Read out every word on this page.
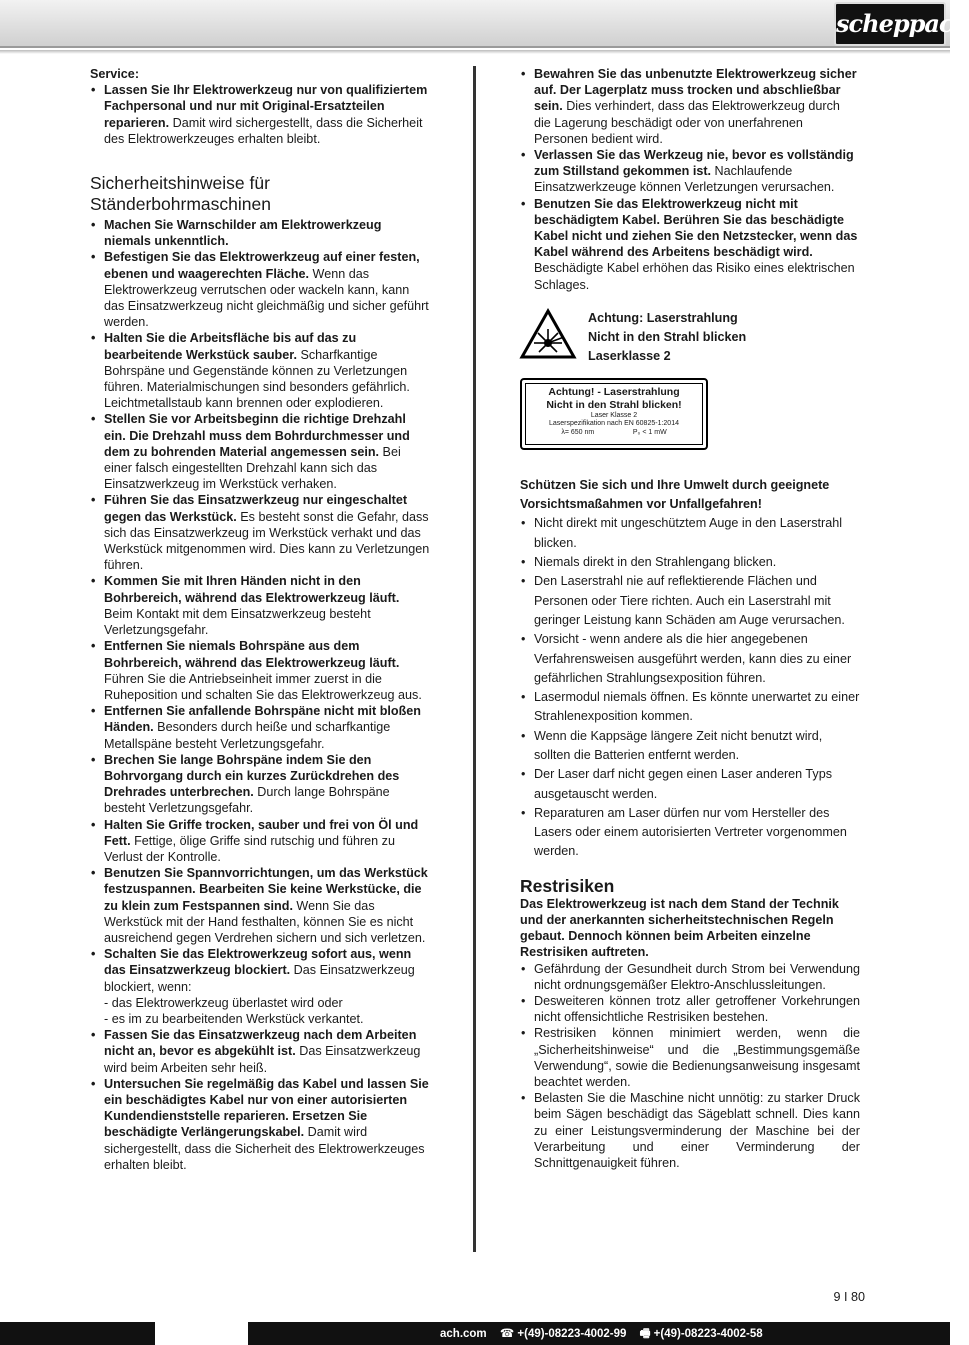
scheppach
Service:
• Lassen Sie Ihr Elektrowerkzeug nur von qualifiziertem Fachpersonal und nur mit Original-Ersatzteilen reparieren. Damit wird sichergestellt, dass die Sicherheit des Elektrowerkzeuges erhalten bleibt.
Sicherheitshinweise für Ständerbohrmaschinen
• Machen Sie Warnschilder am Elektrowerkzeug niemals unkenntlich.
• Befestigen Sie das Elektrowerkzeug auf einer festen, ebenen und waagerechten Fläche. Wenn das Elektrowerkzeug verrutschen oder wackeln kann, kann das Einsatzwerkzeug nicht gleichmäßig und sicher geführt werden.
• Halten Sie die Arbeitsfläche bis auf das zu bearbeitende Werkstück sauber. Scharfkantige Bohrspäne und Gegenstände können zu Verletzungen führen. Materialmischungen sind besonders gefährlich. Leichtmetallstaub kann brennen oder explodieren.
• Stellen Sie vor Arbeitsbeginn die richtige Drehzahl ein. Die Drehzahl muss dem Bohrdurchmesser und dem zu bohrenden Material angemessen sein. Bei einer falsch eingestellten Drehzahl kann sich das Einsatzwerkzeug im Werkstück verhaken.
• Führen Sie das Einsatzwerkzeug nur eingeschaltet gegen das Werkstück. Es besteht sonst die Gefahr, dass sich das Einsatzwerkzeug im Werkstück verhakt und das Werkstück mitgenommen wird. Dies kann zu Verletzungen führen.
• Kommen Sie mit Ihren Händen nicht in den Bohrbereich, während das Elektrowerkzeug läuft. Beim Kontakt mit dem Einsatzwerkzeug besteht Verletzungsgefahr.
• Entfernen Sie niemals Bohrspäne aus dem Bohrbereich, während das Elektrowerkzeug läuft. Führen Sie die Antriebseinheit immer zuerst in die Ruheposition und schalten Sie das Elektrowerkzeug aus.
• Entfernen Sie anfallende Bohrspäne nicht mit bloßen Händen. Besonders durch heiße und scharfkantige Metallspäne besteht Verletzungsgefahr.
• Brechen Sie lange Bohrspäne indem Sie den Bohrvorgang durch ein kurzes Zurückdrehen des Drehrades unterbrechen. Durch lange Bohrspäne besteht Verletzungsgefahr.
• Halten Sie Griffe trocken, sauber und frei von Öl und Fett. Fettige, ölige Griffe sind rutschig und führen zu Verlust der Kontrolle.
• Benutzen Sie Spannvorrichtungen, um das Werkstück festzuspannen. Bearbeiten Sie keine Werkstücke, die zu klein zum Festspannen sind. Wenn Sie das Werkstück mit der Hand festhalten, können Sie es nicht ausreichend gegen Verdrehen sichern und sich verletzen.
• Schalten Sie das Elektrowerkzeug sofort aus, wenn das Einsatzwerkzeug blockiert. Das Einsatzwerkzeug blockiert, wenn:
- das Elektrowerkzeug überlastet wird oder
- es im zu bearbeitenden Werkstück verkantet.
• Fassen Sie das Einsatzwerkzeug nach dem Arbeiten nicht an, bevor es abgekühlt ist. Das Einsatzwerkzeug wird beim Arbeiten sehr heiß.
• Untersuchen Sie regelmäßig das Kabel und lassen Sie ein beschädigtes Kabel nur von einer autorisierten Kundendienststelle reparieren. Ersetzen Sie beschädigte Verlängerungskabel. Damit wird sichergestellt, dass die Sicherheit des Elektrowerkzeuges erhalten bleibt.
• Bewahren Sie das unbenutzte Elektrowerkzeug sicher auf. Der Lagerplatz muss trocken und abschließbar sein. Dies verhindert, dass das Elektrowerkzeug durch die Lagerung beschädigt oder von unerfahrenen Personen bedient wird.
• Verlassen Sie das Werkzeug nie, bevor es vollständig zum Stillstand gekommen ist. Nachlaufende Einsatzwerkzeuge können Verletzungen verursachen.
• Benutzen Sie das Elektrowerkzeug nicht mit beschädigtem Kabel. Berühren Sie das beschädigte Kabel nicht und ziehen Sie den Netzstecker, wenn das Kabel während des Arbeitens beschädigt wird. Beschädigte Kabel erhöhen das Risiko eines elektrischen Schlages.
Achtung: Laserstrahlung
Nicht in den Strahl blicken
Laserklasse 2
Achtung! - Laserstrahlung
Nicht in den Strahl blicken!
Laser Klasse 2
Laserspezifikation nach EN 60825-1:2014
λ= 650 nm	P₀ < 1 mW
Schützen Sie sich und Ihre Umwelt durch geeignete Vorsichtsmaßahmen vor Unfallgefahren!
• Nicht direkt mit ungeschütztem Auge in den Laserstrahl blicken.
• Niemals direkt in den Strahlengang blicken.
• Den Laserstrahl nie auf reflektierende Flächen und Personen oder Tiere richten. Auch ein Laserstrahl mit geringer Leistung kann Schäden am Auge verursachen.
• Vorsicht - wenn andere als die hier angegebenen Verfahrensweisen ausgeführt werden, kann dies zu einer gefährlichen Strahlungsexposition führen.
• Lasermodul niemals öffnen. Es könnte unerwartet zu einer Strahlenexposition kommen.
• Wenn die Kappsäge längere Zeit nicht benutzt wird, sollten die Batterien entfernt werden.
• Der Laser darf nicht gegen einen Laser anderen Typs ausgetauscht werden.
• Reparaturen am Laser dürfen nur vom Hersteller des Lasers oder einem autorisierten Vertreter vorgenommen werden.
Restrisiken
Das Elektrowerkzeug ist nach dem Stand der Technik und der anerkannten sicherheitstechnischen Regeln gebaut. Dennoch können beim Arbeiten einzelne Restrisiken auftreten.
• Gefährdung der Gesundheit durch Strom bei Verwendung nicht ordnungsgemäßer Elektro-Anschlussleitungen.
• Desweiteren können trotz aller getroffener Vorkehrungen nicht offensichtliche Restrisiken bestehen.
• Restrisiken können minimiert werden, wenn die „Sicherheitshinweise“ und die „Bestimmungsgemäße Verwendung“, sowie die Bedienungsanweisung insgesamt beachtet werden.
• Belasten Sie die Maschine nicht unnötig: zu starker Druck beim Sägen beschädigt das Sägeblatt schnell. Dies kann zu einer Leistungsverminderung der Maschine bei der Verarbeitung und einer Verminderung der Schnittgenauigkeit führen.
9 I 80
ach.com ☎ +(49)-08223-4002-99 🖷 +(49)-08223-4002-58
